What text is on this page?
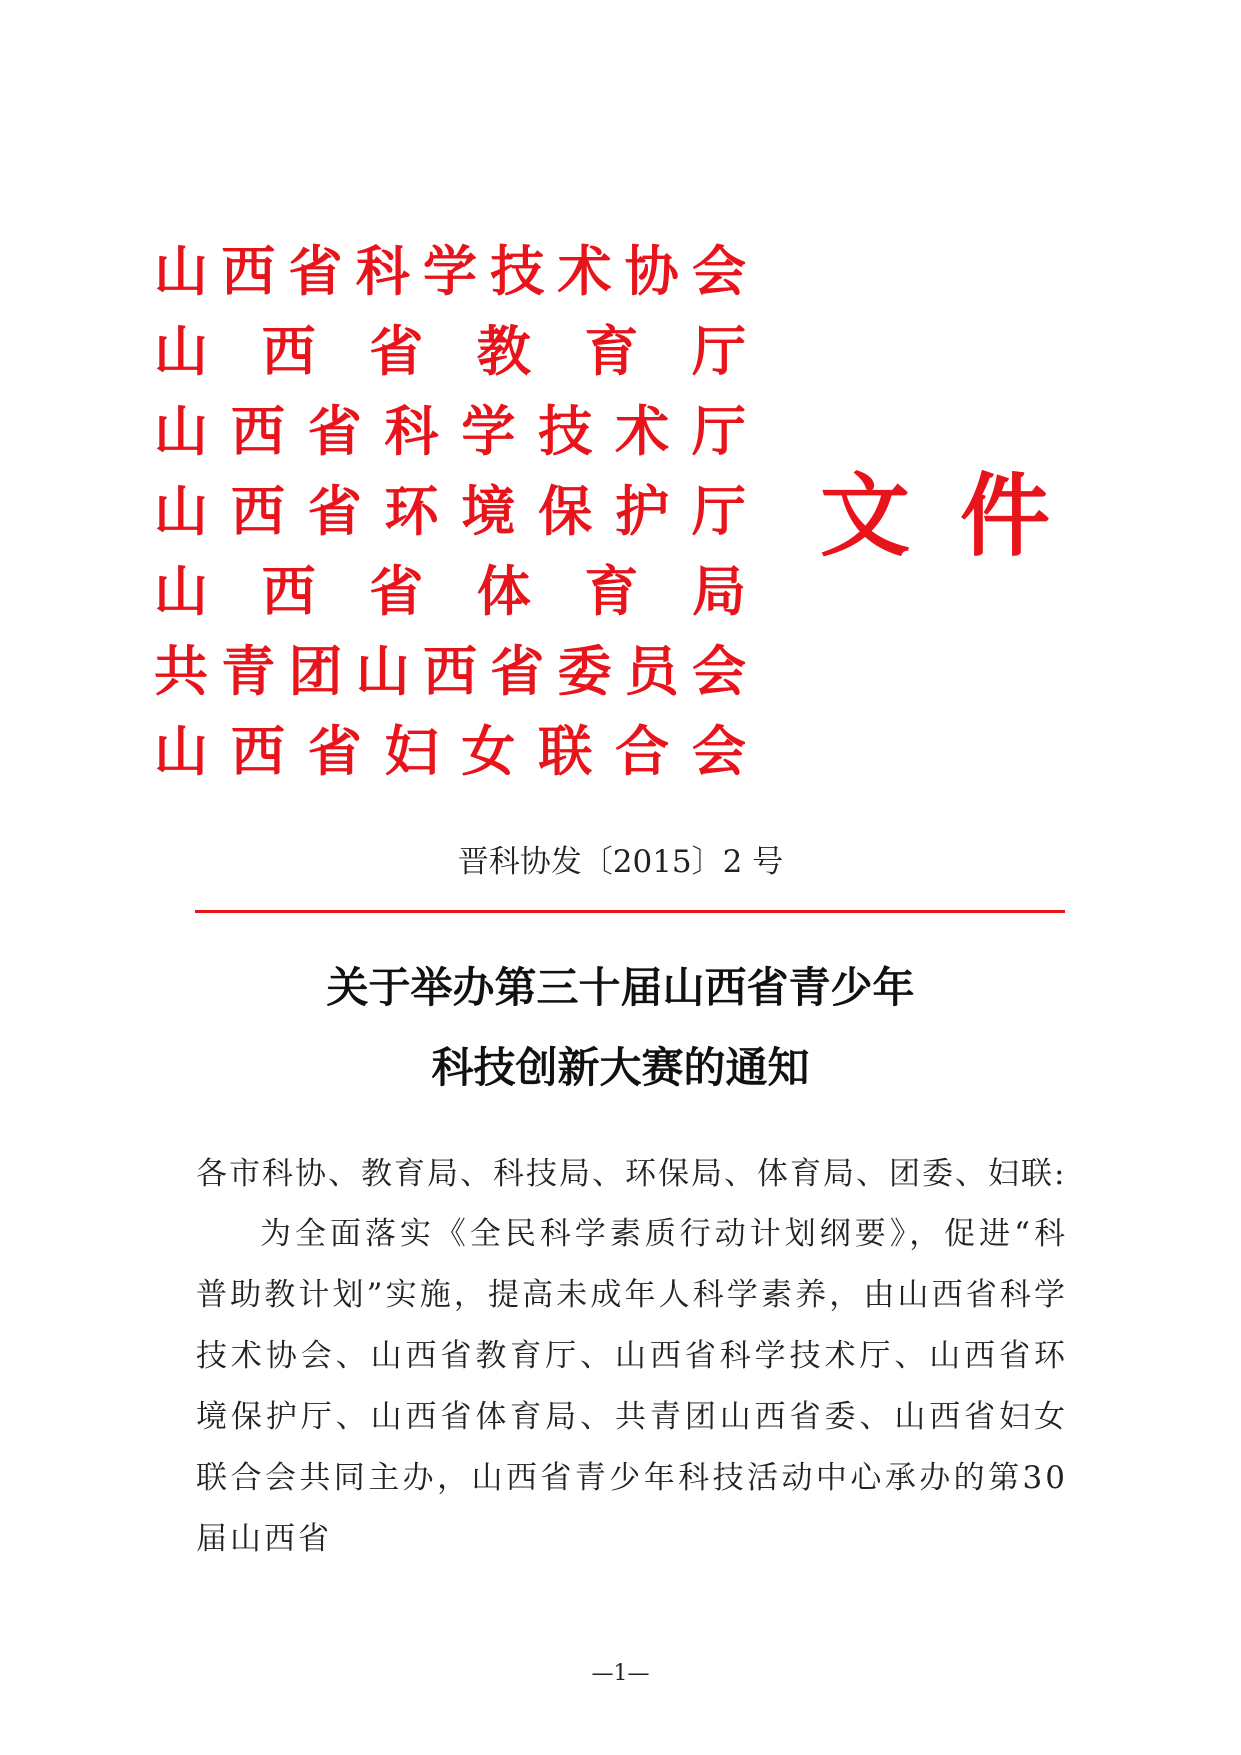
山 西 省 科 学 技 术 协 会
山 西 省 教 育 厅
山 西 省 科 学 技 术 厅
山 西 省 环 境 保 护 厅
山 西 省 体 育 局
共 青 团 山 西 省 委 员 会
山 西 省 妇 女 联 合 会
文 件
晋科协发〔2015〕2 号
关于举办第三十届山西省青少年
科技创新大赛的通知
各市科协、教育局、科技局、环保局、体育局、团委、妇联:

为全面落实《全民科学素质行动计划纲要》，促进“科普助教计划”实施，提高未成年人科学素养，由山西省科学技术协会、山西省教育厅、山西省科学技术厅、山西省环境保护厅、山西省体育局、共青团山西省委、山西省妇女联合会共同主办，山西省青少年科技活动中心承办的第30届山西省

—1—
